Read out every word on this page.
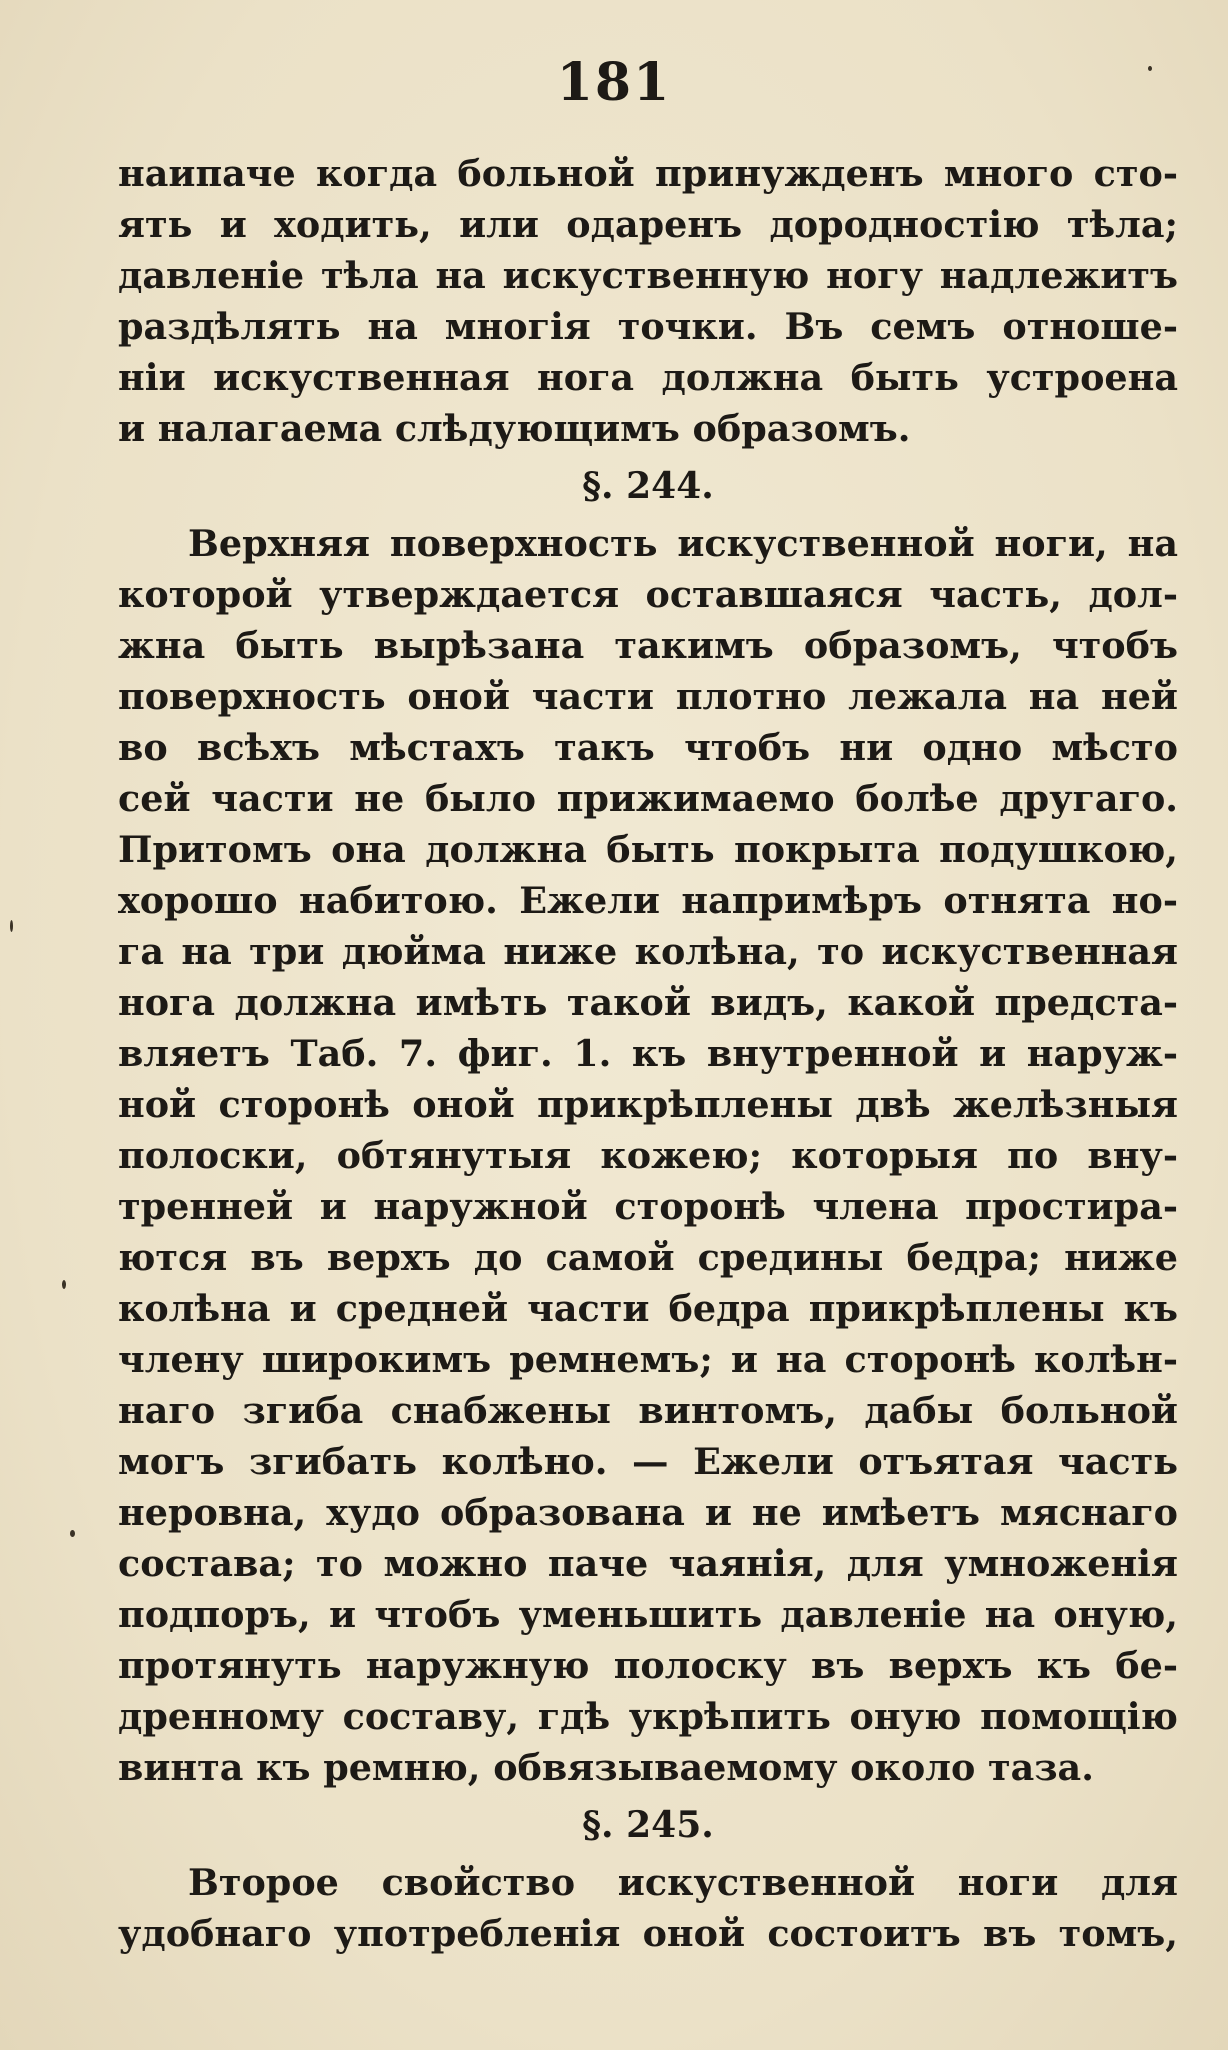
181
наипаче когда больной принужденъ много сто-
ять и ходить, или одаренъ дородностію тѣла;
давленіе тѣла на искуственную ногу надлежитъ
раздѣлять на многія точки. Въ семъ отноше-
ніи искуственная нога должна быть устроена
и налагаема слѣдующимъ образомъ.
§. 244.
Верхняя поверхность искуственной ноги, на
которой утверждается оставшаяся часть, дол-
жна быть вырѣзана такимъ образомъ, чтобъ
поверхность оной части плотно лежала на ней
во всѣхъ мѣстахъ такъ чтобъ ни одно мѣсто
сей части не было прижимаемо болѣе другаго.
Притомъ она должна быть покрыта подушкою,
хорошо набитою. Ежели напримѣръ отнята но-
га на три дюйма ниже колѣна, то искуственная
нога должна имѣть такой видъ, какой предста-
вляетъ Таб. 7. фиг. 1. къ внутренной и наруж-
ной сторонѣ оной прикрѣплены двѣ желѣзныя
полоски, обтянутыя кожею; которыя по вну-
тренней и наружной сторонѣ члена простира-
ются въ верхъ до самой средины бедра; ниже
колѣна и средней части бедра прикрѣплены къ
члену широкимъ ремнемъ; и на сторонѣ колѣн-
наго згиба снабжены винтомъ, дабы больной
могъ згибать колѣно. — Ежели отъятая часть
неровна, худо образована и не имѣетъ мяснаго
состава; то можно паче чаянія, для умноженія
подпоръ, и чтобъ уменьшить давленіе на оную,
протянуть наружную полоску въ верхъ къ бе-
дренному составу, гдѣ укрѣпить оную помощію
винта къ ремню, обвязываемому около таза.
§. 245.
Второе свойство искуственной ноги для
удобнаго употребленія оной состоитъ въ томъ,
